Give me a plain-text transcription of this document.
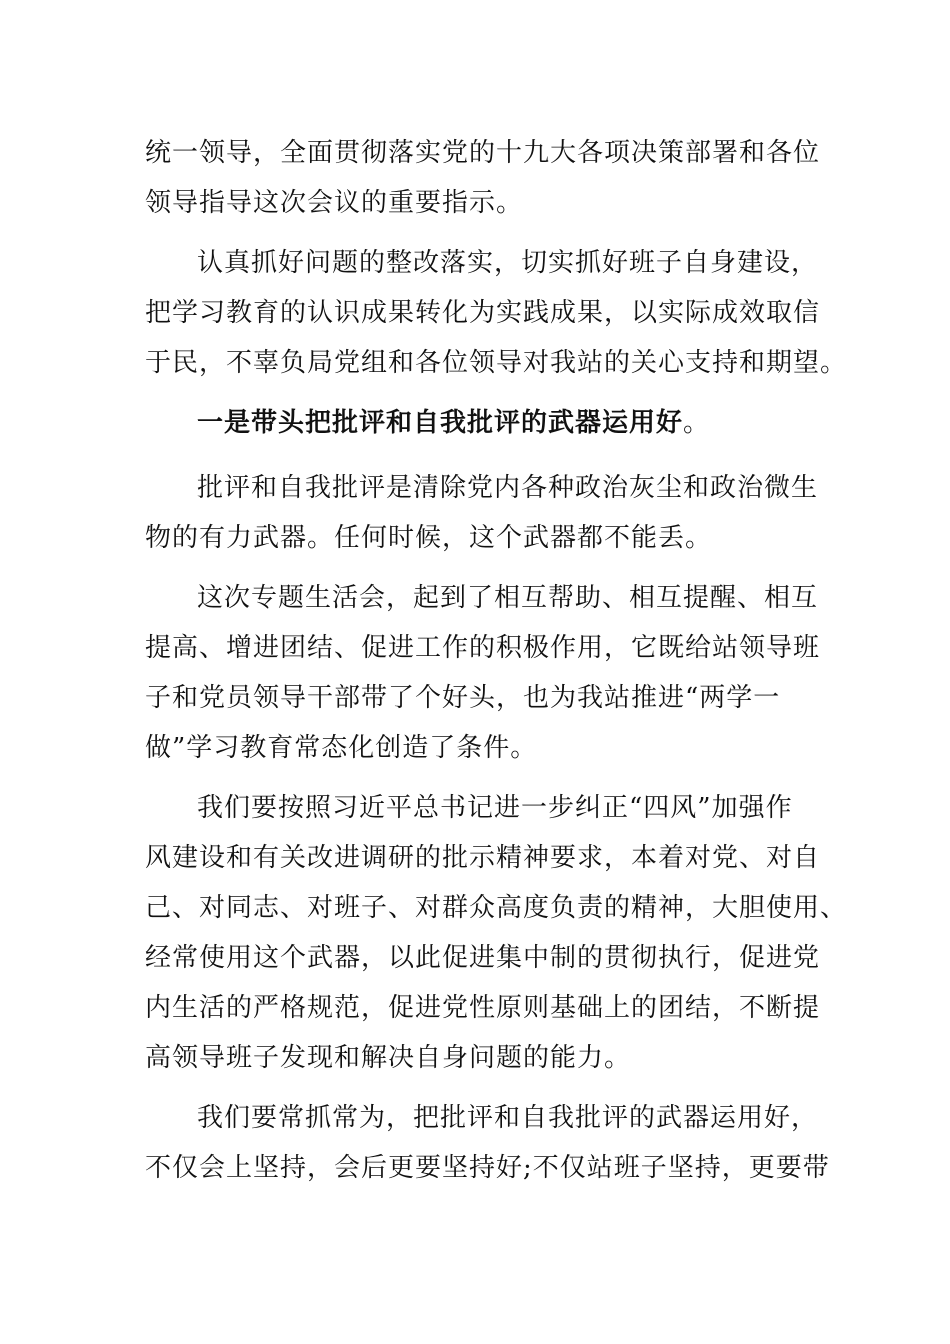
统一领导，全面贯彻落实党的十九大各项决策部署和各位
领导指导这次会议的重要指示。
认真抓好问题的整改落实，切实抓好班子自身建设，
把学习教育的认识成果转化为实践成果，以实际成效取信
于民，不辜负局党组和各位领导对我站的关心支持和期望。
一是带头把批评和自我批评的武器运用好。
批评和自我批评是清除党内各种政治灰尘和政治微生
物的有力武器。任何时候，这个武器都不能丢。
这次专题生活会，起到了相互帮助、相互提醒、相互
提高、增进团结、促进工作的积极作用，它既给站领导班
子和党员领导干部带了个好头，也为我站推进“两学一
做”学习教育常态化创造了条件。
我们要按照习近平总书记进一步纠正“四风”加强作
风建设和有关改进调研的批示精神要求，本着对党、对自
己、对同志、对班子、对群众高度负责的精神，大胆使用、
经常使用这个武器，以此促进集中制的贯彻执行，促进党
内生活的严格规范，促进党性原则基础上的团结，不断提
高领导班子发现和解决自身问题的能力。
我们要常抓常为，把批评和自我批评的武器运用好，
不仅会上坚持，会后更要坚持好;不仅站班子坚持，更要带
